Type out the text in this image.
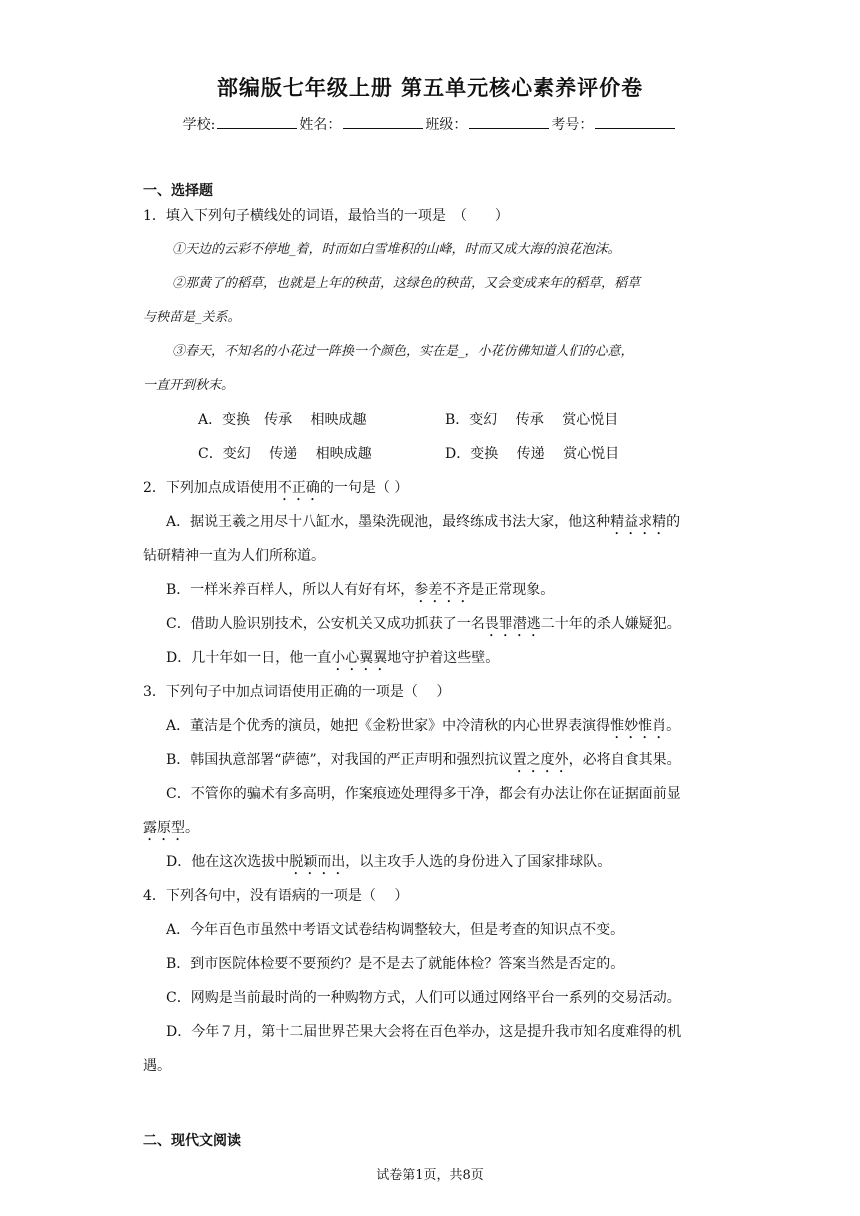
部编版七年级上册 第五单元核心素养评价卷
学校:	姓名：	班级：	考号：
一、选择题
1．填入下列句子横线处的词语，最恰当的一项是　（　　）
①天边的云彩不停地_着，时而如白雪堆积的山峰，时而又成大海的浪花泡沫。
②那黄了的稻草，也就是上年的秧苗，这绿色的秧苗，又会变成来年的稻草，稻草
与秧苗是_关系。
③春天，不知名的小花过一阵换一个颜色，实在是_，小花仿佛知道人们的心意，
一直开到秋末。
A．变换　传承　 相映成趣	B．变幻　 传承　 赏心悦目
C．变幻　 传递　 相映成趣	D．变换　 传递　 赏心悦目
2．下列加点成语使用不正确的一句是（ ）
A．据说王羲之用尽十八缸水，墨染洗砚池，最终练成书法大家，他这种精益求精的
钻研精神一直为人们所称道。
B．一样米养百样人，所以人有好有坏，参差不齐是正常现象。
C．借助人脸识别技术，公安机关又成功抓获了一名畏罪潜逃二十年的杀人嫌疑犯。
D．几十年如一日，他一直小心翼翼地守护着这些壁。
3．下列句子中加点词语使用正确的一项是（　 ）
A．董洁是个优秀的演员，她把《金粉世家》中冷清秋的内心世界表演得惟妙惟肖。
B．韩国执意部署“萨德”，对我国的严正声明和强烈抗议置之度外，必将自食其果。
C．不管你的骗术有多高明，作案痕迹处理得多干净，都会有办法让你在证据面前显
露原型。
D．他在这次选拔中脱颖而出，以主攻手人选的身份进入了国家排球队。
4．下列各句中，没有语病的一项是（　 ）
A．今年百色市虽然中考语文试卷结构调整较大，但是考查的知识点不变。
B．到市医院体检要不要预约？是不是去了就能体检？答案当然是否定的。
C．网购是当前最时尚的一种购物方式，人们可以通过网络平台一系列的交易活动。
D．今年７月，第十二届世界芒果大会将在百色举办，这是提升我市知名度难得的机
遇。
二、现代文阅读
试卷第1页，共8页
